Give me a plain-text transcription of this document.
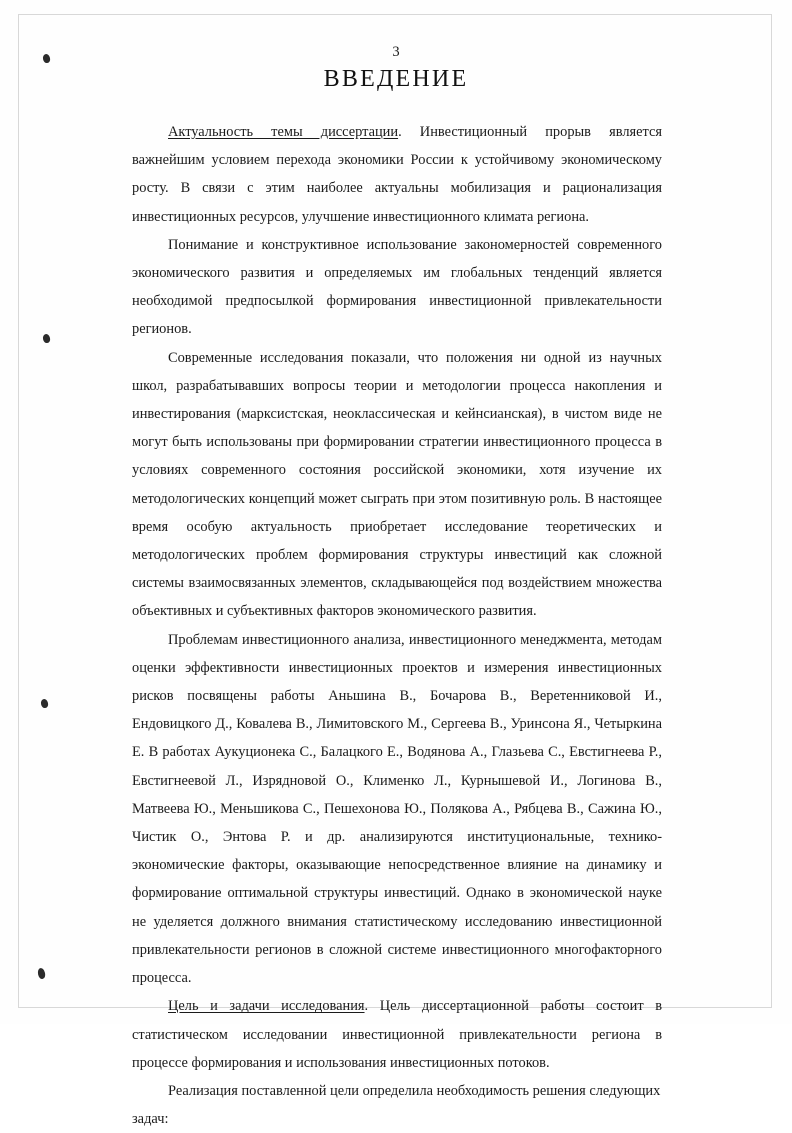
3
ВВЕДЕНИЕ

Актуальность темы диссертации. Инвестиционный прорыв является важнейшим условием перехода экономики России к устойчивому экономическому росту. В связи с этим наиболее актуальны мобилизация и рационализация инвестиционных ресурсов, улучшение инвестиционного климата региона.

Понимание и конструктивное использование закономерностей современного экономического развития и определяемых им глобальных тенденций является необходимой предпосылкой формирования инвестиционной привлекательности регионов.

Современные исследования показали, что положения ни одной из научных школ, разрабатывавших вопросы теории и методологии процесса накопления и инвестирования (марксистская, неоклассическая и кейнсианская), в чистом виде не могут быть использованы при формировании стратегии инвестиционного процесса в условиях современного состояния российской экономики, хотя изучение их методологических концепций может сыграть при этом позитивную роль. В настоящее время особую актуальность приобретает исследование теоретических и методологических проблем формирования структуры инвестиций как сложной системы взаимосвязанных элементов, складывающейся под воздействием множества объективных и субъективных факторов экономического развития.

Проблемам инвестиционного анализа, инвестиционного менеджмента, методам оценки эффективности инвестиционных проектов и измерения инвестиционных рисков посвящены работы Аньшина В., Бочарова В., Веретенниковой И., Ендовицкого Д., Ковалева В., Лимитовского М., Сергеева В., Уринсона Я., Четыркина Е. В работах Аукуционека С., Балацкого Е., Водянова А., Глазьева С., Евстигнеева Р., Евстигнеевой Л., Изрядновой О., Клименко Л., Курнышевой И., Логинова В., Матвеева Ю., Меньшикова С., Пешехонова Ю., Полякова А., Рябцева В., Сажина Ю., Чистик О., Энтова Р. и др. анализируются институциональные, технико-экономические факторы, оказывающие непосредственное влияние на динамику и формирование оптимальной структуры инвестиций. Однако в экономической науке не уделяется должного внимания статистическому исследованию инвестиционной привлекательности регионов в сложной системе инвестиционного многофакторного процесса.

Цель и задачи исследования. Цель диссертационной работы состоит в статистическом исследовании инвестиционной привлекательности региона в процессе формирования и использования инвестиционных потоков.

Реализация поставленной цели определила необходимость решения следующих задач:
